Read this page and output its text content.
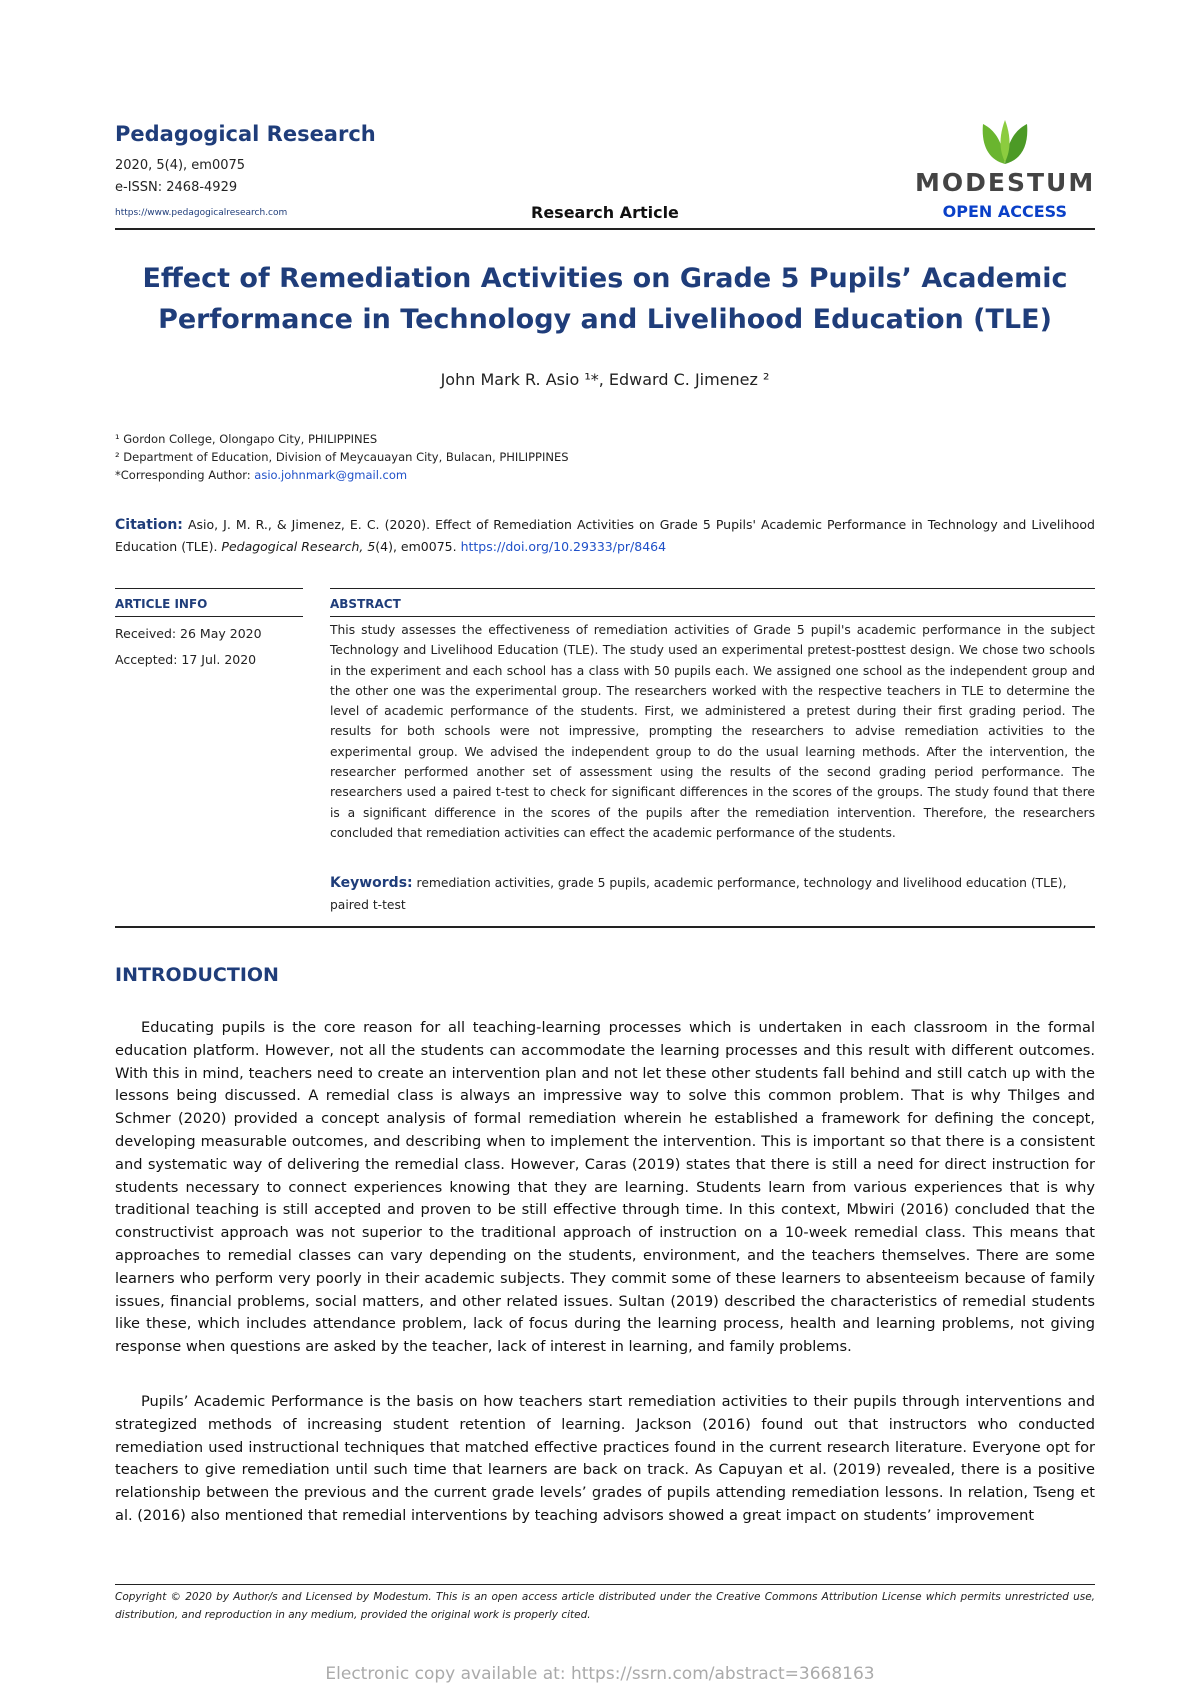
Pedagogical Research
2020, 5(4), em0075
e-ISSN: 2468-4929
https://www.pedagogicalresearch.com	Research Article
MODESTUM
OPEN ACCESS
Effect of Remediation Activities on Grade 5 Pupils’ Academic
Performance in Technology and Livelihood Education (TLE)
John Mark R. Asio ¹*, Edward C. Jimenez ²
¹ Gordon College, Olongapo City, PHILIPPINES
² Department of Education, Division of Meycauayan City, Bulacan, PHILIPPINES
*Corresponding Author: asio.johnmark@gmail.com
Citation: Asio, J. M. R., & Jimenez, E. C. (2020). Effect of Remediation Activities on Grade 5 Pupils' Academic Performance in Technology and Livelihood Education (TLE). Pedagogical Research, 5(4), em0075. https://doi.org/10.29333/pr/8464
ARTICLE INFO	ABSTRACT
Received: 26 May 2020
Accepted: 17 Jul. 2020
This study assesses the effectiveness of remediation activities of Grade 5 pupil's academic performance in the subject Technology and Livelihood Education (TLE). The study used an experimental pretest-posttest design. We chose two schools in the experiment and each school has a class with 50 pupils each. We assigned one school as the independent group and the other one was the experimental group. The researchers worked with the respective teachers in TLE to determine the level of academic performance of the students. First, we administered a pretest during their first grading period. The results for both schools were not impressive, prompting the researchers to advise remediation activities to the experimental group. We advised the independent group to do the usual learning methods. After the intervention, the researcher performed another set of assessment using the results of the second grading period performance. The researchers used a paired t-test to check for significant differences in the scores of the groups. The study found that there is a significant difference in the scores of the pupils after the remediation intervention. Therefore, the researchers concluded that remediation activities can effect the academic performance of the students.
Keywords: remediation activities, grade 5 pupils, academic performance, technology and livelihood education (TLE), paired t-test
INTRODUCTION

Educating pupils is the core reason for all teaching-learning processes which is undertaken in each classroom in the formal education platform. However, not all the students can accommodate the learning processes and this result with different outcomes. With this in mind, teachers need to create an intervention plan and not let these other students fall behind and still catch up with the lessons being discussed. A remedial class is always an impressive way to solve this common problem. That is why Thilges and Schmer (2020) provided a concept analysis of formal remediation wherein he established a framework for defining the concept, developing measurable outcomes, and describing when to implement the intervention. This is important so that there is a consistent and systematic way of delivering the remedial class. However, Caras (2019) states that there is still a need for direct instruction for students necessary to connect experiences knowing that they are learning. Students learn from various experiences that is why traditional teaching is still accepted and proven to be still effective through time. In this context, Mbwiri (2016) concluded that the constructivist approach was not superior to the traditional approach of instruction on a 10-week remedial class. This means that approaches to remedial classes can vary depending on the students, environment, and the teachers themselves. There are some learners who perform very poorly in their academic subjects. They commit some of these learners to absenteeism because of family issues, financial problems, social matters, and other related issues. Sultan (2019) described the characteristics of remedial students like these, which includes attendance problem, lack of focus during the learning process, health and learning problems, not giving response when questions are asked by the teacher, lack of interest in learning, and family problems.

Pupils’ Academic Performance is the basis on how teachers start remediation activities to their pupils through interventions and strategized methods of increasing student retention of learning. Jackson (2016) found out that instructors who conducted remediation used instructional techniques that matched effective practices found in the current research literature. Everyone opt for teachers to give remediation until such time that learners are back on track. As Capuyan et al. (2019) revealed, there is a positive relationship between the previous and the current grade levels’ grades of pupils attending remediation lessons. In relation, Tseng et al. (2016) also mentioned that remedial interventions by teaching advisors showed a great impact on students’ improvement

Copyright © 2020 by Author/s and Licensed by Modestum. This is an open access article distributed under the Creative Commons Attribution License which permits unrestricted use, distribution, and reproduction in any medium, provided the original work is properly cited.
Electronic copy available at: https://ssrn.com/abstract=3668163
